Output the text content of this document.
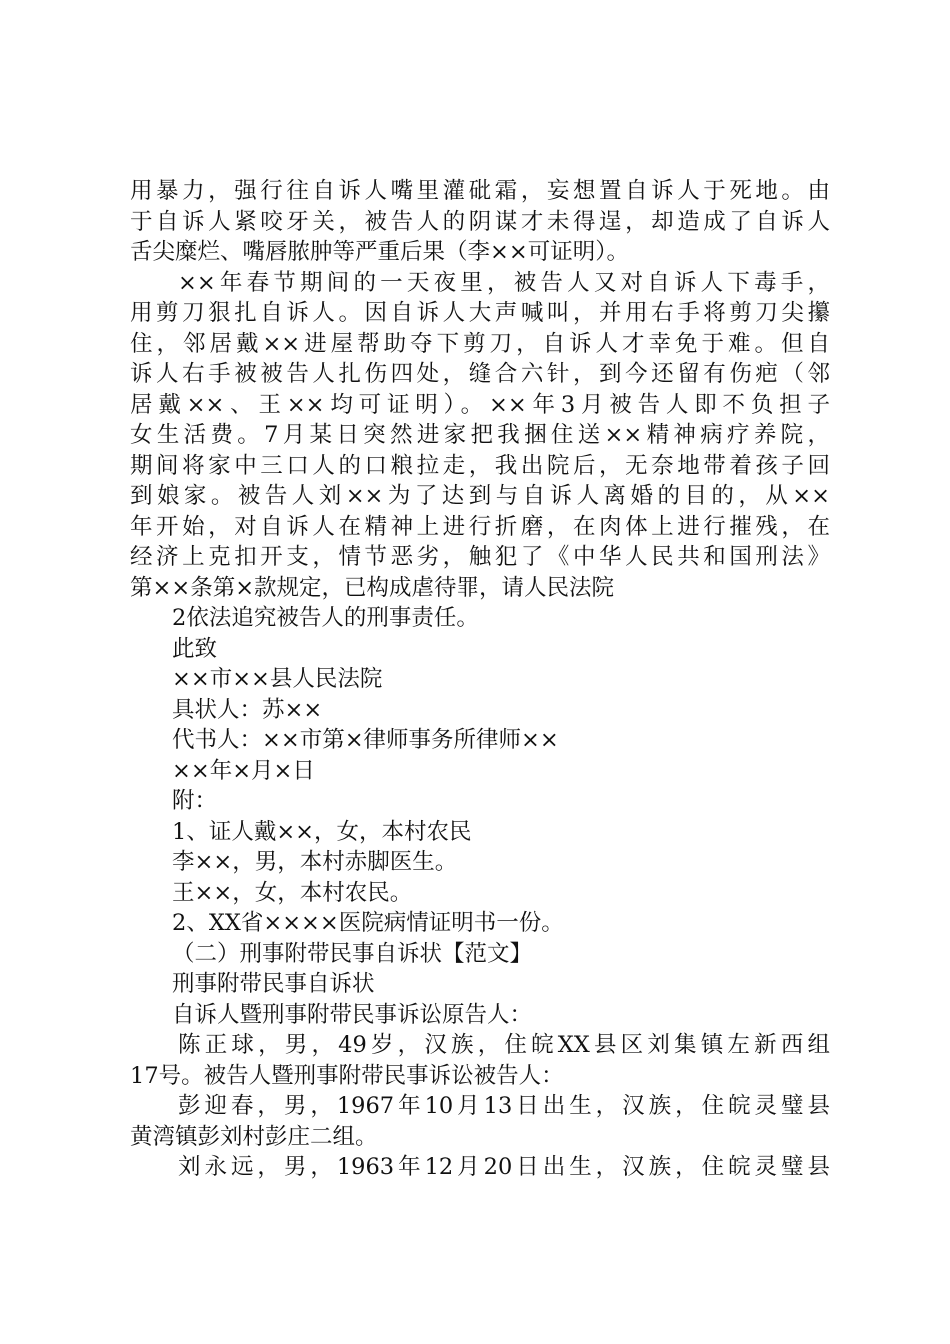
用暴力，强行往自诉人嘴里灌砒霜，妄想置自诉人于死地。由
于自诉人紧咬牙关，被告人的阴谋才未得逞，却造成了自诉人
舌尖糜烂、嘴唇脓肿等严重后果（李××可证明）。
××年春节期间的一天夜里，被告人又对自诉人下毒手，
用剪刀狠扎自诉人。因自诉人大声喊叫，并用右手将剪刀尖攥
住，邻居戴××进屋帮助夺下剪刀，自诉人才幸免于难。但自
诉人右手被被告人扎伤四处，缝合六针，到今还留有伤疤（邻
居戴××、王××均可证明）。××年3月被告人即不负担子
女生活费。7月某日突然进家把我捆住送××精神病疗养院，
期间将家中三口人的口粮拉走，我出院后，无奈地带着孩子回
到娘家。被告人刘××为了达到与自诉人离婚的目的，从××
年开始，对自诉人在精神上进行折磨，在肉体上进行摧残，在
经济上克扣开支，情节恶劣，触犯了《中华人民共和国刑法》
第××条第×款规定，已构成虐待罪，请人民法院
2依法追究被告人的刑事责任。
此致
××市××县人民法院
具状人：苏××
代书人：××市第×律师事务所律师××
××年×月×日
附：
1、证人戴××，女，本村农民
李××，男，本村赤脚医生。
王××，女，本村农民。
2、XX省××××医院病情证明书一份。
（二）刑事附带民事自诉状【范文】
刑事附带民事自诉状
自诉人暨刑事附带民事诉讼原告人：
陈正球，男，49岁，汉族，住皖XX县区刘集镇左新西组
17号。被告人暨刑事附带民事诉讼被告人：
彭迎春，男，1967年10月13日出生，汉族，住皖灵璧县
黄湾镇彭刘村彭庄二组。
刘永远，男，1963年12月20日出生，汉族，住皖灵璧县
